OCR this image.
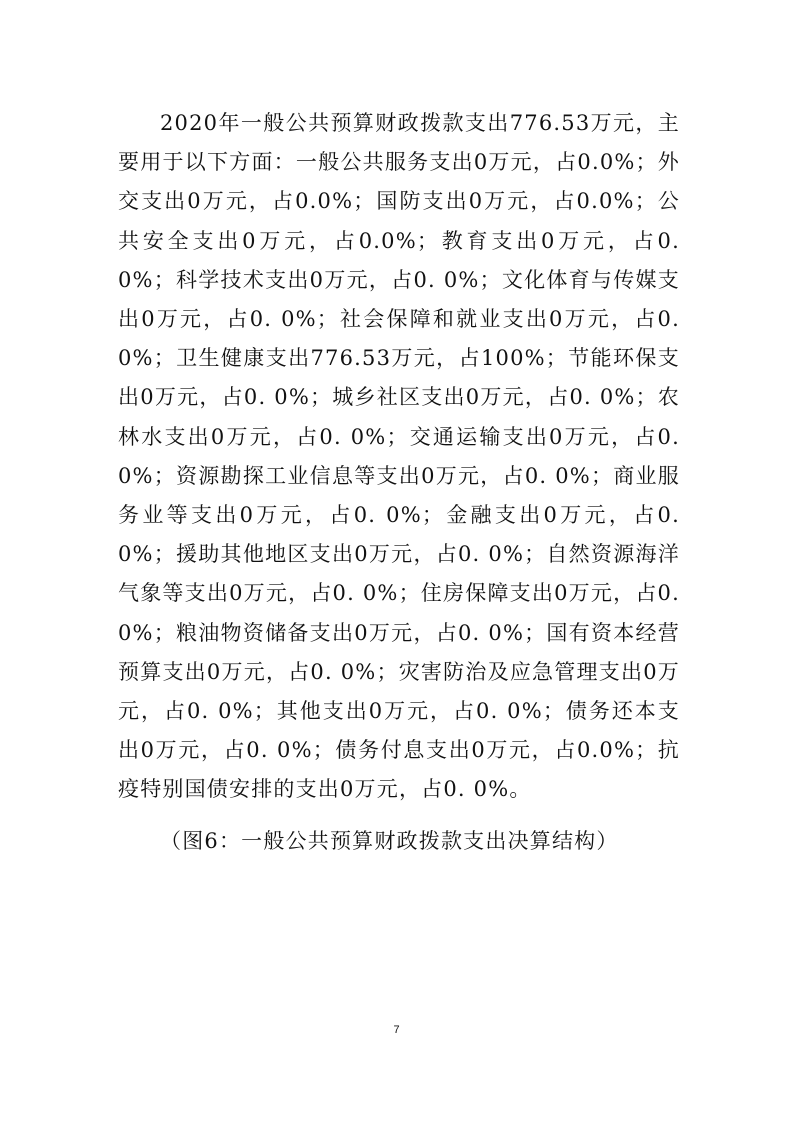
2020年一般公共预算财政拨款支出776.53万元，主要用于以下方面：一般公共服务支出0万元，占0.0%；外交支出0万元，占0.0%；国防支出0万元，占0.0%；公共安全支出0万元，占0.0%；教育支出0万元，占0. 0%；科学技术支出0万元，占0. 0%；文化体育与传媒支出0万元，占0. 0%；社会保障和就业支出0万元，占0. 0%；卫生健康支出776.53万元，占100%；节能环保支出0万元，占0. 0%；城乡社区支出0万元，占0. 0%；农林水支出0万元，占0. 0%；交通运输支出0万元，占0. 0%；资源勘探工业信息等支出0万元，占0. 0%；商业服务业等支出0万元，占0. 0%；金融支出0万元，占0. 0%；援助其他地区支出0万元，占0. 0%；自然资源海洋气象等支出0万元，占0. 0%；住房保障支出0万元，占0. 0%；粮油物资储备支出0万元，占0. 0%；国有资本经营预算支出0万元，占0. 0%；灾害防治及应急管理支出0万元，占0. 0%；其他支出0万元，占0. 0%；债务还本支出0万元，占0. 0%；债务付息支出0万元，占0.0%；抗疫特别国债安排的支出0万元，占0. 0%。

（图6：一般公共预算财政拨款支出决算结构）

7
